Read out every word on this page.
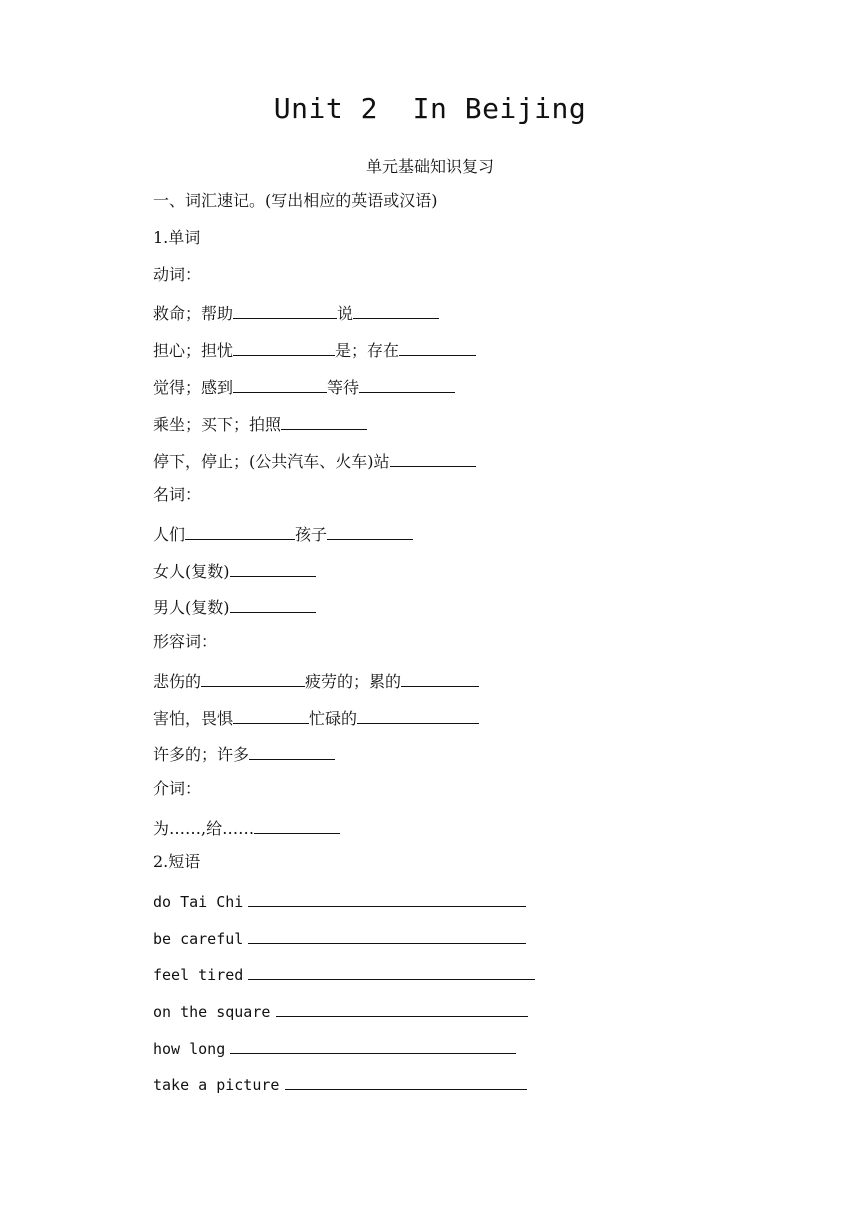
Unit 2  In Beijing
单元基础知识复习
一、词汇速记。(写出相应的英语或汉语)
1.单词
动词：
救命；帮助	说
担心；担忧	是；存在
觉得；感到	等待
乘坐；买下；拍照
停下，停止；(公共汽车、火车)站
名词：
人们	孩子
女人(复数)
男人(复数)
形容词：
悲伤的	疲劳的；累的
害怕，畏惧	忙碌的
许多的；许多
介词：
为……,给……
2.短语
do Tai Chi
be careful
feel tired
on the square
how long
take a picture
